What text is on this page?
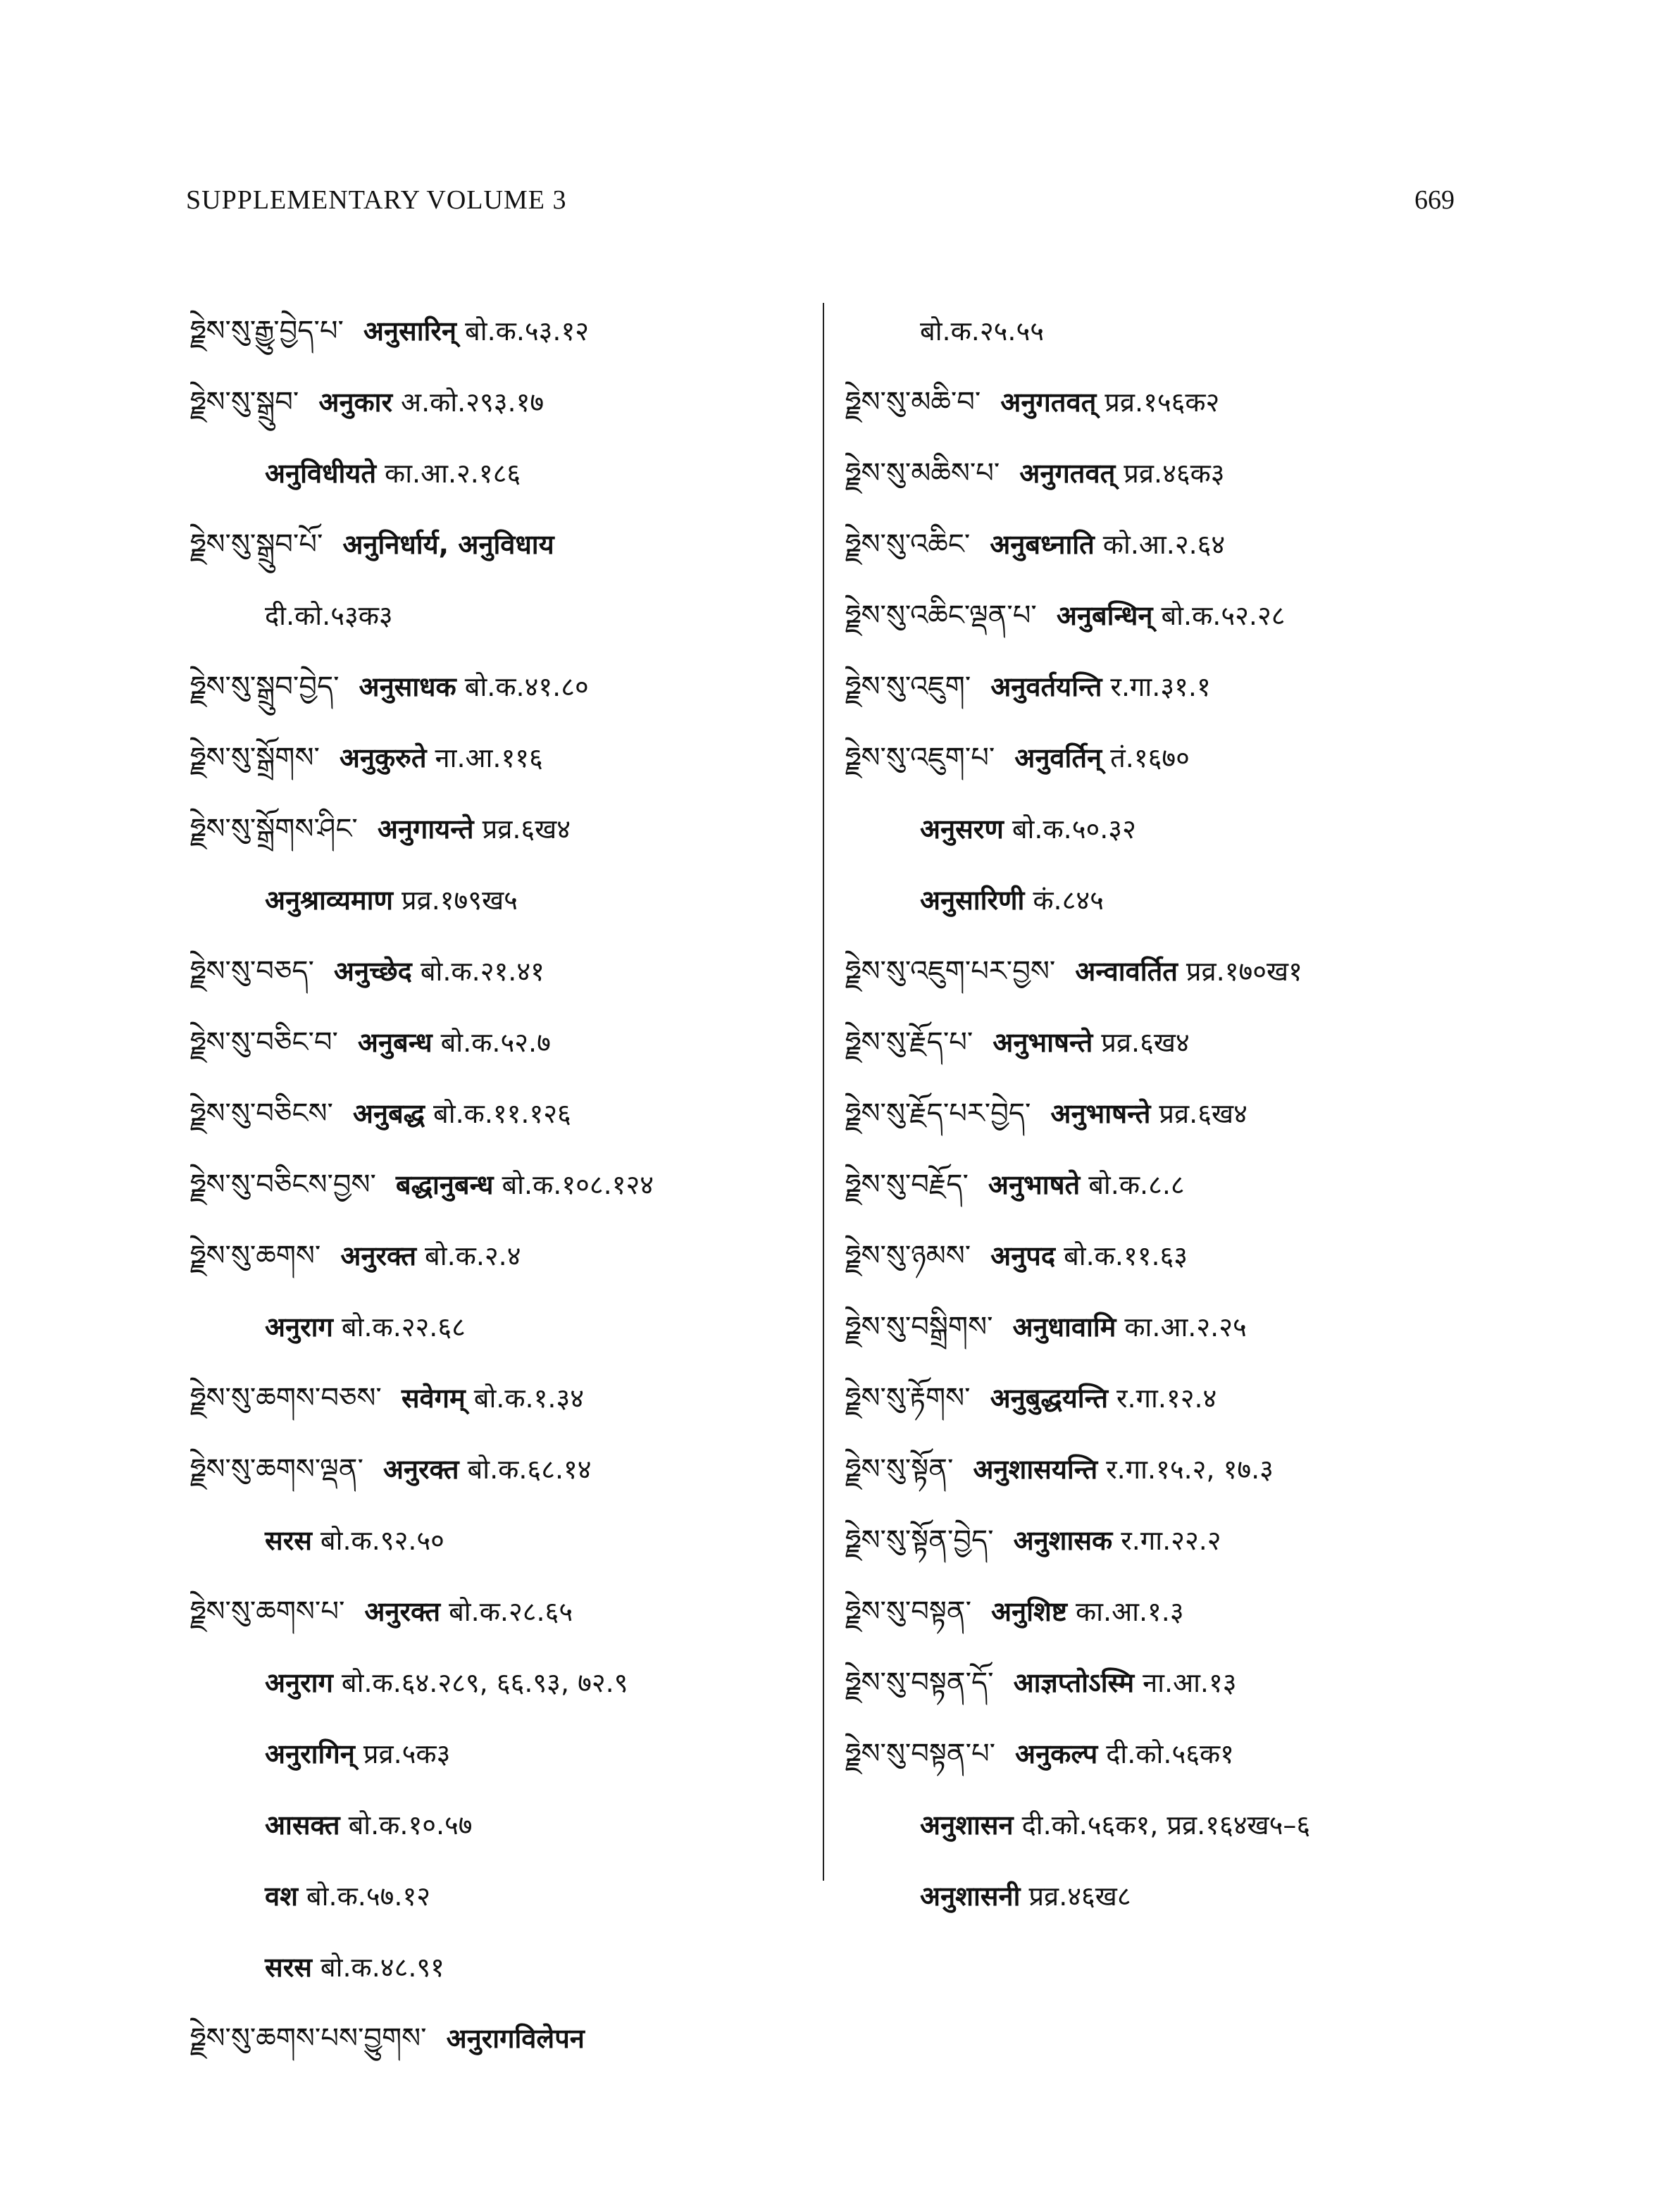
SUPPLEMENTARY VOLUME 3	669
ཧྗེས་སུ་རྒྱུ་བྱེད་པ་ अनुसारिन् बो.क.५३.१२
ཧྗེས་སུ་སྒྲུབ་ अनुकार अ.को.२९३.१७
अनुविधीयते का.आ.२.१८६
ཧྗེས་སུ་སྒྲུབ་པོ་ अनुनिर्धार्य, अनुविधाय
दी.को.५३क३
ཧྗེས་སུ་སྒྲུབ་བྱེད་ अनुसाधक बो.क.४१.८०
ཧྗེས་སུ་སྒྲོགས་ अनुकुरुते ना.आ.११६
ཧྗེས་སུ་སྒྲོགས་ཤིང་ अनुगायन्ते प्रव्र.६ख४
अनुश्राव्यमाण प्रव्र.१७९ख५
ཧྗེས་སུ་བཅད་ अनुच्छेद बो.क.२१.४१
ཧྗེས་སུ་བཅིང་བ་ अनुबन्ध बो.क.५२.७
ཧྗེས་སུ་བཅིངས་ अनुबद्ध बो.क.११.१२६
ཧྗེས་སུ་བཅིངས་བྱས་ बद्धानुबन्ध बो.क.१०८.१२४
ཧྗེས་སུ་ཆགས་ अनुरक्त बो.क.२.४
अनुराग बो.क.२२.६८
ཧྗེས་སུ་ཆགས་བཅས་ सवेगम् बो.क.१.३४
ཧྗེས་སུ་ཆགས་ལྡན་ अनुरक्त बो.क.६८.१४
सरस बो.क.९२.५०
ཧྗེས་སུ་ཆགས་པ་ अनुरक्त बो.क.२८.६५
अनुराग बो.क.६४.२८९, ६६.९३, ७२.९
अनुरागिन् प्रव्र.५क३
आसक्त बो.क.१०.५७
वश बो.क.५७.१२
सरस बो.क.४८.९१
ཧྗེས་སུ་ཆགས་པས་བྱུགས་ अनुरागविलेपन
बो.क.२५.५५
ཧྗེས་སུ་མཆི་བ་ अनुगतवत् प्रव्र.१५६क२
ཧྗེས་སུ་མཆིས་པ་ अनुगतवत् प्रव्र.४६क३
ཧྗེས་སུ་འཆིང་ अनुबध्नाति को.आ.२.६४
ཧྗེས་སུ་འཆིང་ལྡན་པ་ अनुबन्धिन् बो.क.५२.२८
ཧྗེས་སུ་འཇུག་ अनुवर्तयन्ति र.गा.३१.१
ཧྗེས་སུ་འཇུག་པ་ अनुवर्तिन् तं.१६७०
अनुसरण बो.क.५०.३२
अनुसारिणी कं.८४५
ཧྗེས་སུ་འཇུག་པར་བྱས་ अन्वावर्तित प्रव्र.१७०ख१
ཧྗེས་སུ་རྗོད་པ་ अनुभाषन्ते प्रव्र.६ख४
ཧྗེས་སུ་རྗོད་པར་བྱེད་ अनुभाषन्ते प्रव्र.६ख४
ཧྗེས་སུ་བརྗོད་ अनुभाषते बो.क.८.८
ཧྗེས་སུ་ཉམས་ अनुपद बो.क.११.६३
ཧྗེས་སུ་བསྒྲིགས་ अनुधावामि का.आ.२.२५
ཧྗེས་སུ་རྟོགས་ अनुबुद्धयन्ति र.गा.१२.४
ཧྗེས་སུ་སྟོན་ अनुशासयन्ति र.गा.१५.२, १७.३
ཧྗེས་སུ་སྟོན་བྱེད་ अनुशासक र.गा.२२.२
ཧྗེས་སུ་བསྟན་ अनुशिष्ट का.आ.१.३
ཧྗེས་སུ་བསྟན་དོ་ आज्ञप्तोऽस्मि ना.आ.१३
ཧྗེས་སུ་བསྟན་པ་ अनुकल्प दी.को.५६क१
अनुशासन दी.को.५६क१, प्रव्र.१६४ख५–६
अनुशासनी प्रव्र.४६ख८
